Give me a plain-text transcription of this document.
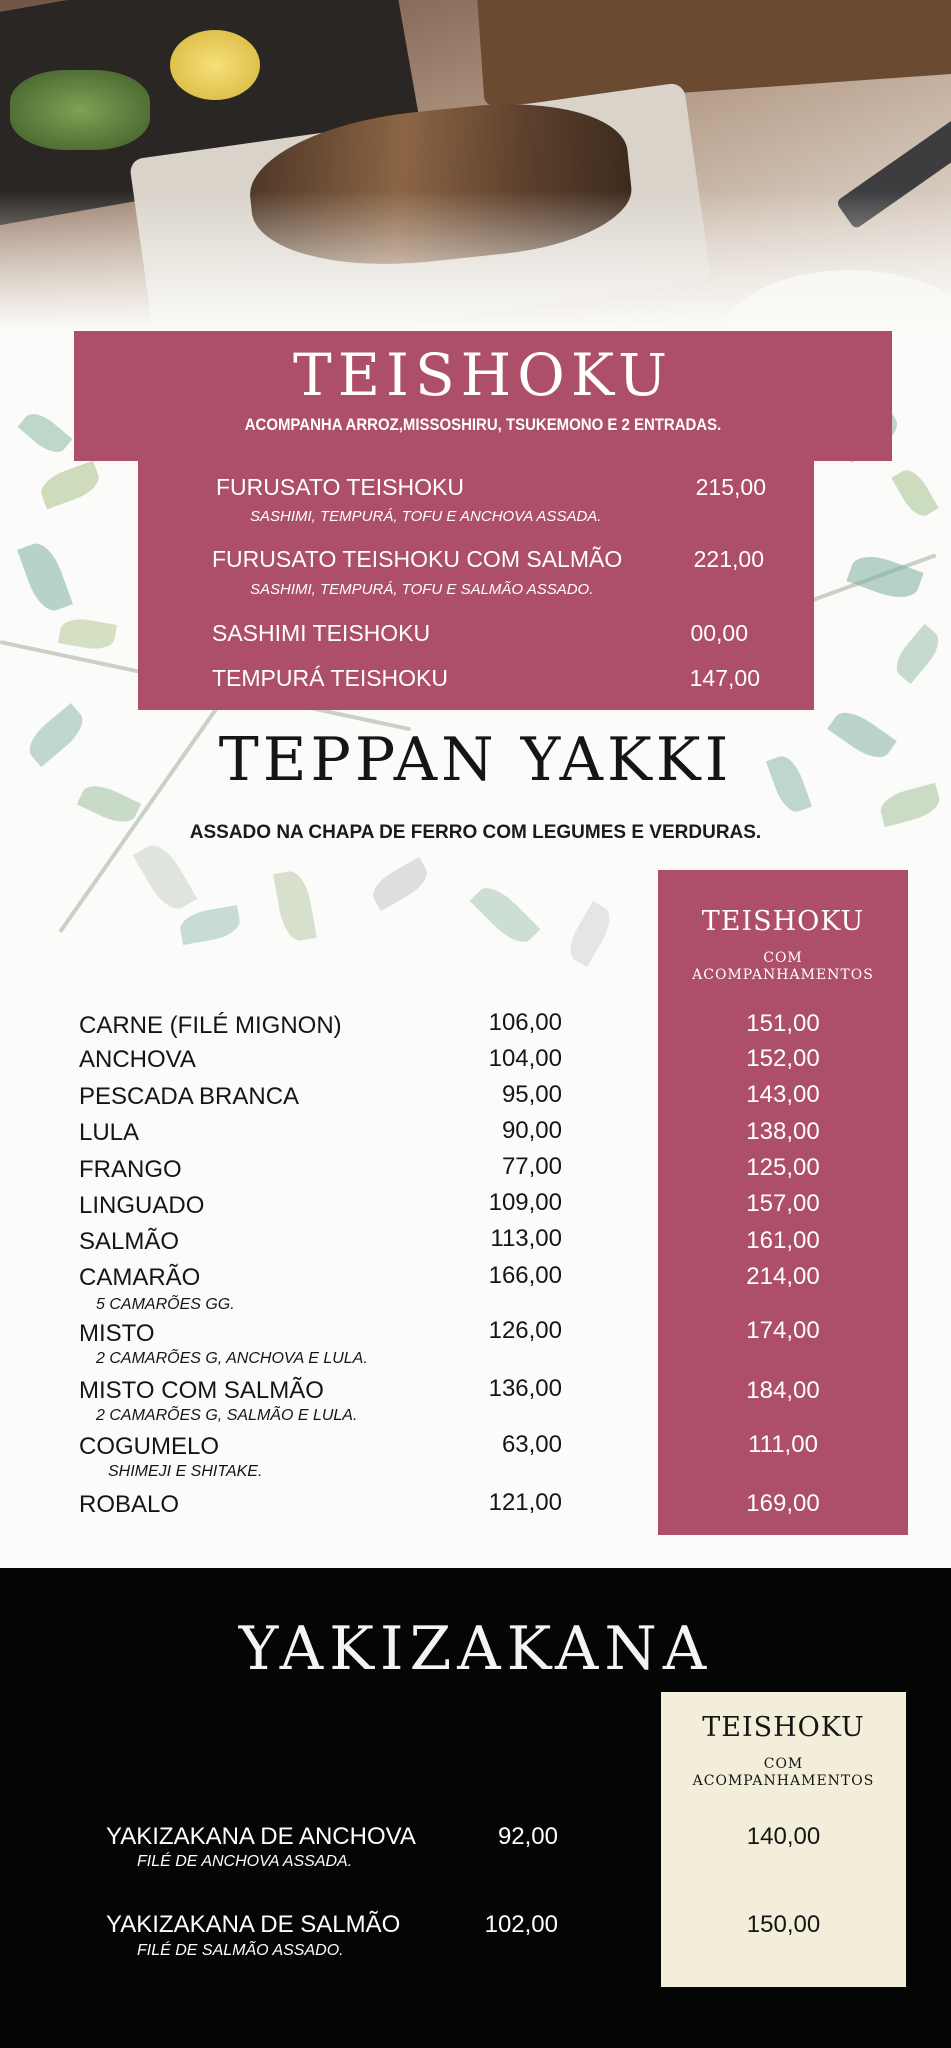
TEISHOKU
ACOMPANHA ARROZ,MISSOSHIRU, TSUKEMONO E 2 ENTRADAS.
FURUSATO TEISHOKU
SASHIMI, TEMPURÁ, TOFU E ANCHOVA ASSADA.
215,00
FURUSATO TEISHOKU COM SALMÃO
SASHIMI, TEMPURÁ, TOFU E SALMÃO ASSADO.
221,00
SASHIMI TEISHOKU	00,00
TEMPURÁ TEISHOKU	147,00
TEPPAN YAKKI
ASSADO NA CHAPA DE FERRO COM LEGUMES E VERDURAS.
TEISHOKU
COM
ACOMPANHAMENTOS
CARNE (FILÉ MIGNON)	106,00	151,00
ANCHOVA	104,00	152,00
PESCADA BRANCA	95,00	143,00
LULA	90,00	138,00
FRANGO	77,00	125,00
LINGUADO	109,00	157,00
SALMÃO	113,00	161,00
CAMARÃO
5 CAMARÕES GG.
166,00	214,00
MISTO
2 CAMARÕES G, ANCHOVA E LULA.
126,00	174,00
MISTO COM SALMÃO
2 CAMARÕES G, SALMÃO E LULA.
136,00	184,00
COGUMELO
SHIMEJI E SHITAKE.
63,00	111,00
ROBALO	121,00	169,00
YAKIZAKANA
TEISHOKU
COM
ACOMPANHAMENTOS
YAKIZAKANA DE ANCHOVA
FILÉ DE ANCHOVA ASSADA.
92,00	140,00
YAKIZAKANA DE SALMÃO
FILÉ DE SALMÃO ASSADO.
102,00	150,00
